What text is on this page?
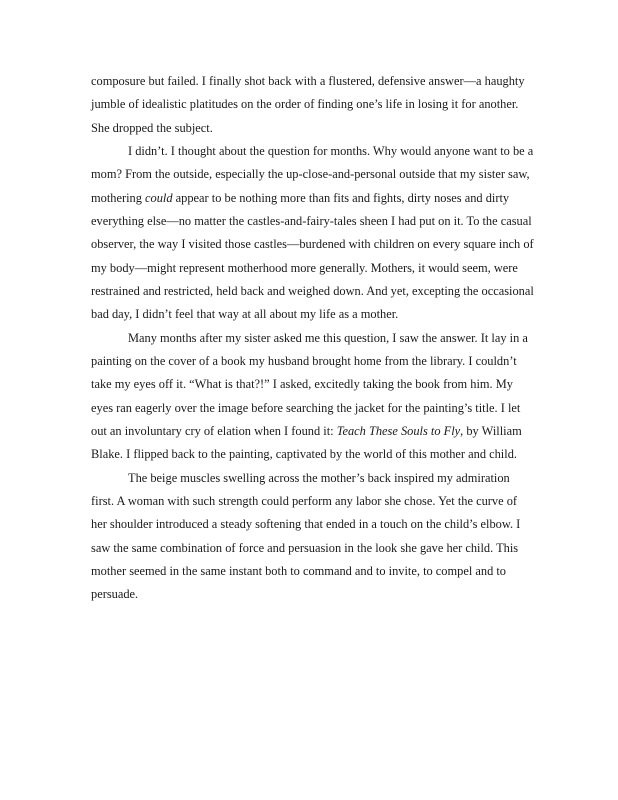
composure but failed. I finally shot back with a flustered, defensive answer—a haughty
jumble of idealistic platitudes on the order of finding one’s life in losing it for another.
She dropped the subject.
I didn’t. I thought about the question for months. Why would anyone want to be a
mom? From the outside, especially the up-close-and-personal outside that my sister saw,
mothering could appear to be nothing more than fits and fights, dirty noses and dirty
everything else—no matter the castles-and-fairy-tales sheen I had put on it. To the casual
observer, the way I visited those castles—burdened with children on every square inch of
my body—might represent motherhood more generally. Mothers, it would seem, were
restrained and restricted, held back and weighed down. And yet, excepting the occasional
bad day, I didn’t feel that way at all about my life as a mother.
Many months after my sister asked me this question, I saw the answer. It lay in a
painting on the cover of a book my husband brought home from the library. I couldn’t
take my eyes off it. “What is that?!” I asked, excitedly taking the book from him. My
eyes ran eagerly over the image before searching the jacket for the painting’s title. I let
out an involuntary cry of elation when I found it: Teach These Souls to Fly, by William
Blake. I flipped back to the painting, captivated by the world of this mother and child.
The beige muscles swelling across the mother’s back inspired my admiration
first. A woman with such strength could perform any labor she chose. Yet the curve of
her shoulder introduced a steady softening that ended in a touch on the child’s elbow. I
saw the same combination of force and persuasion in the look she gave her child. This
mother seemed in the same instant both to command and to invite, to compel and to
persuade.
